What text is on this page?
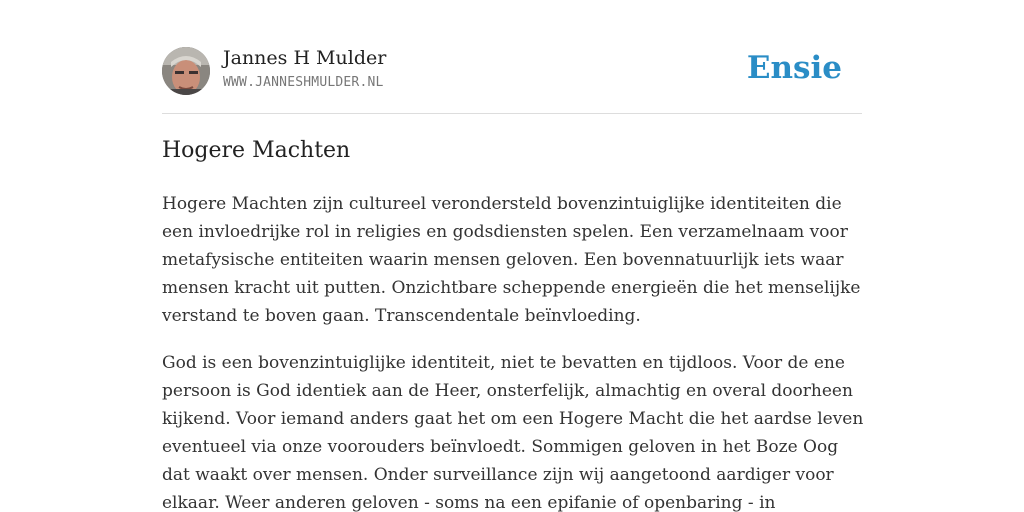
Jannes H Mulder
WWW.JANNESHMULDER.NL	Ensie
Hogere Machten

Hogere Machten zijn cultureel verondersteld bovenzintuiglijke identiteiten die
een invloedrijke rol in religies en godsdiensten spelen. Een verzamelnaam voor
metafysische entiteiten waarin mensen geloven. Een bovennatuurlijk iets waar
mensen kracht uit putten. Onzichtbare scheppende energieën die het menselijke
verstand te boven gaan. Transcendentale beïnvloeding.

God is een bovenzintuiglijke identiteit, niet te bevatten en tijdloos. Voor de ene
persoon is God identiek aan de Heer, onsterfelijk, almachtig en overal doorheen
kijkend. Voor iemand anders gaat het om een Hogere Macht die het aardse leven
eventueel via onze voorouders beïnvloedt. Sommigen geloven in het Boze Oog
dat waakt over mensen. Onder surveillance zijn wij aangetoond aardiger voor
elkaar. Weer anderen geloven - soms na een epifanie of openbaring - in
